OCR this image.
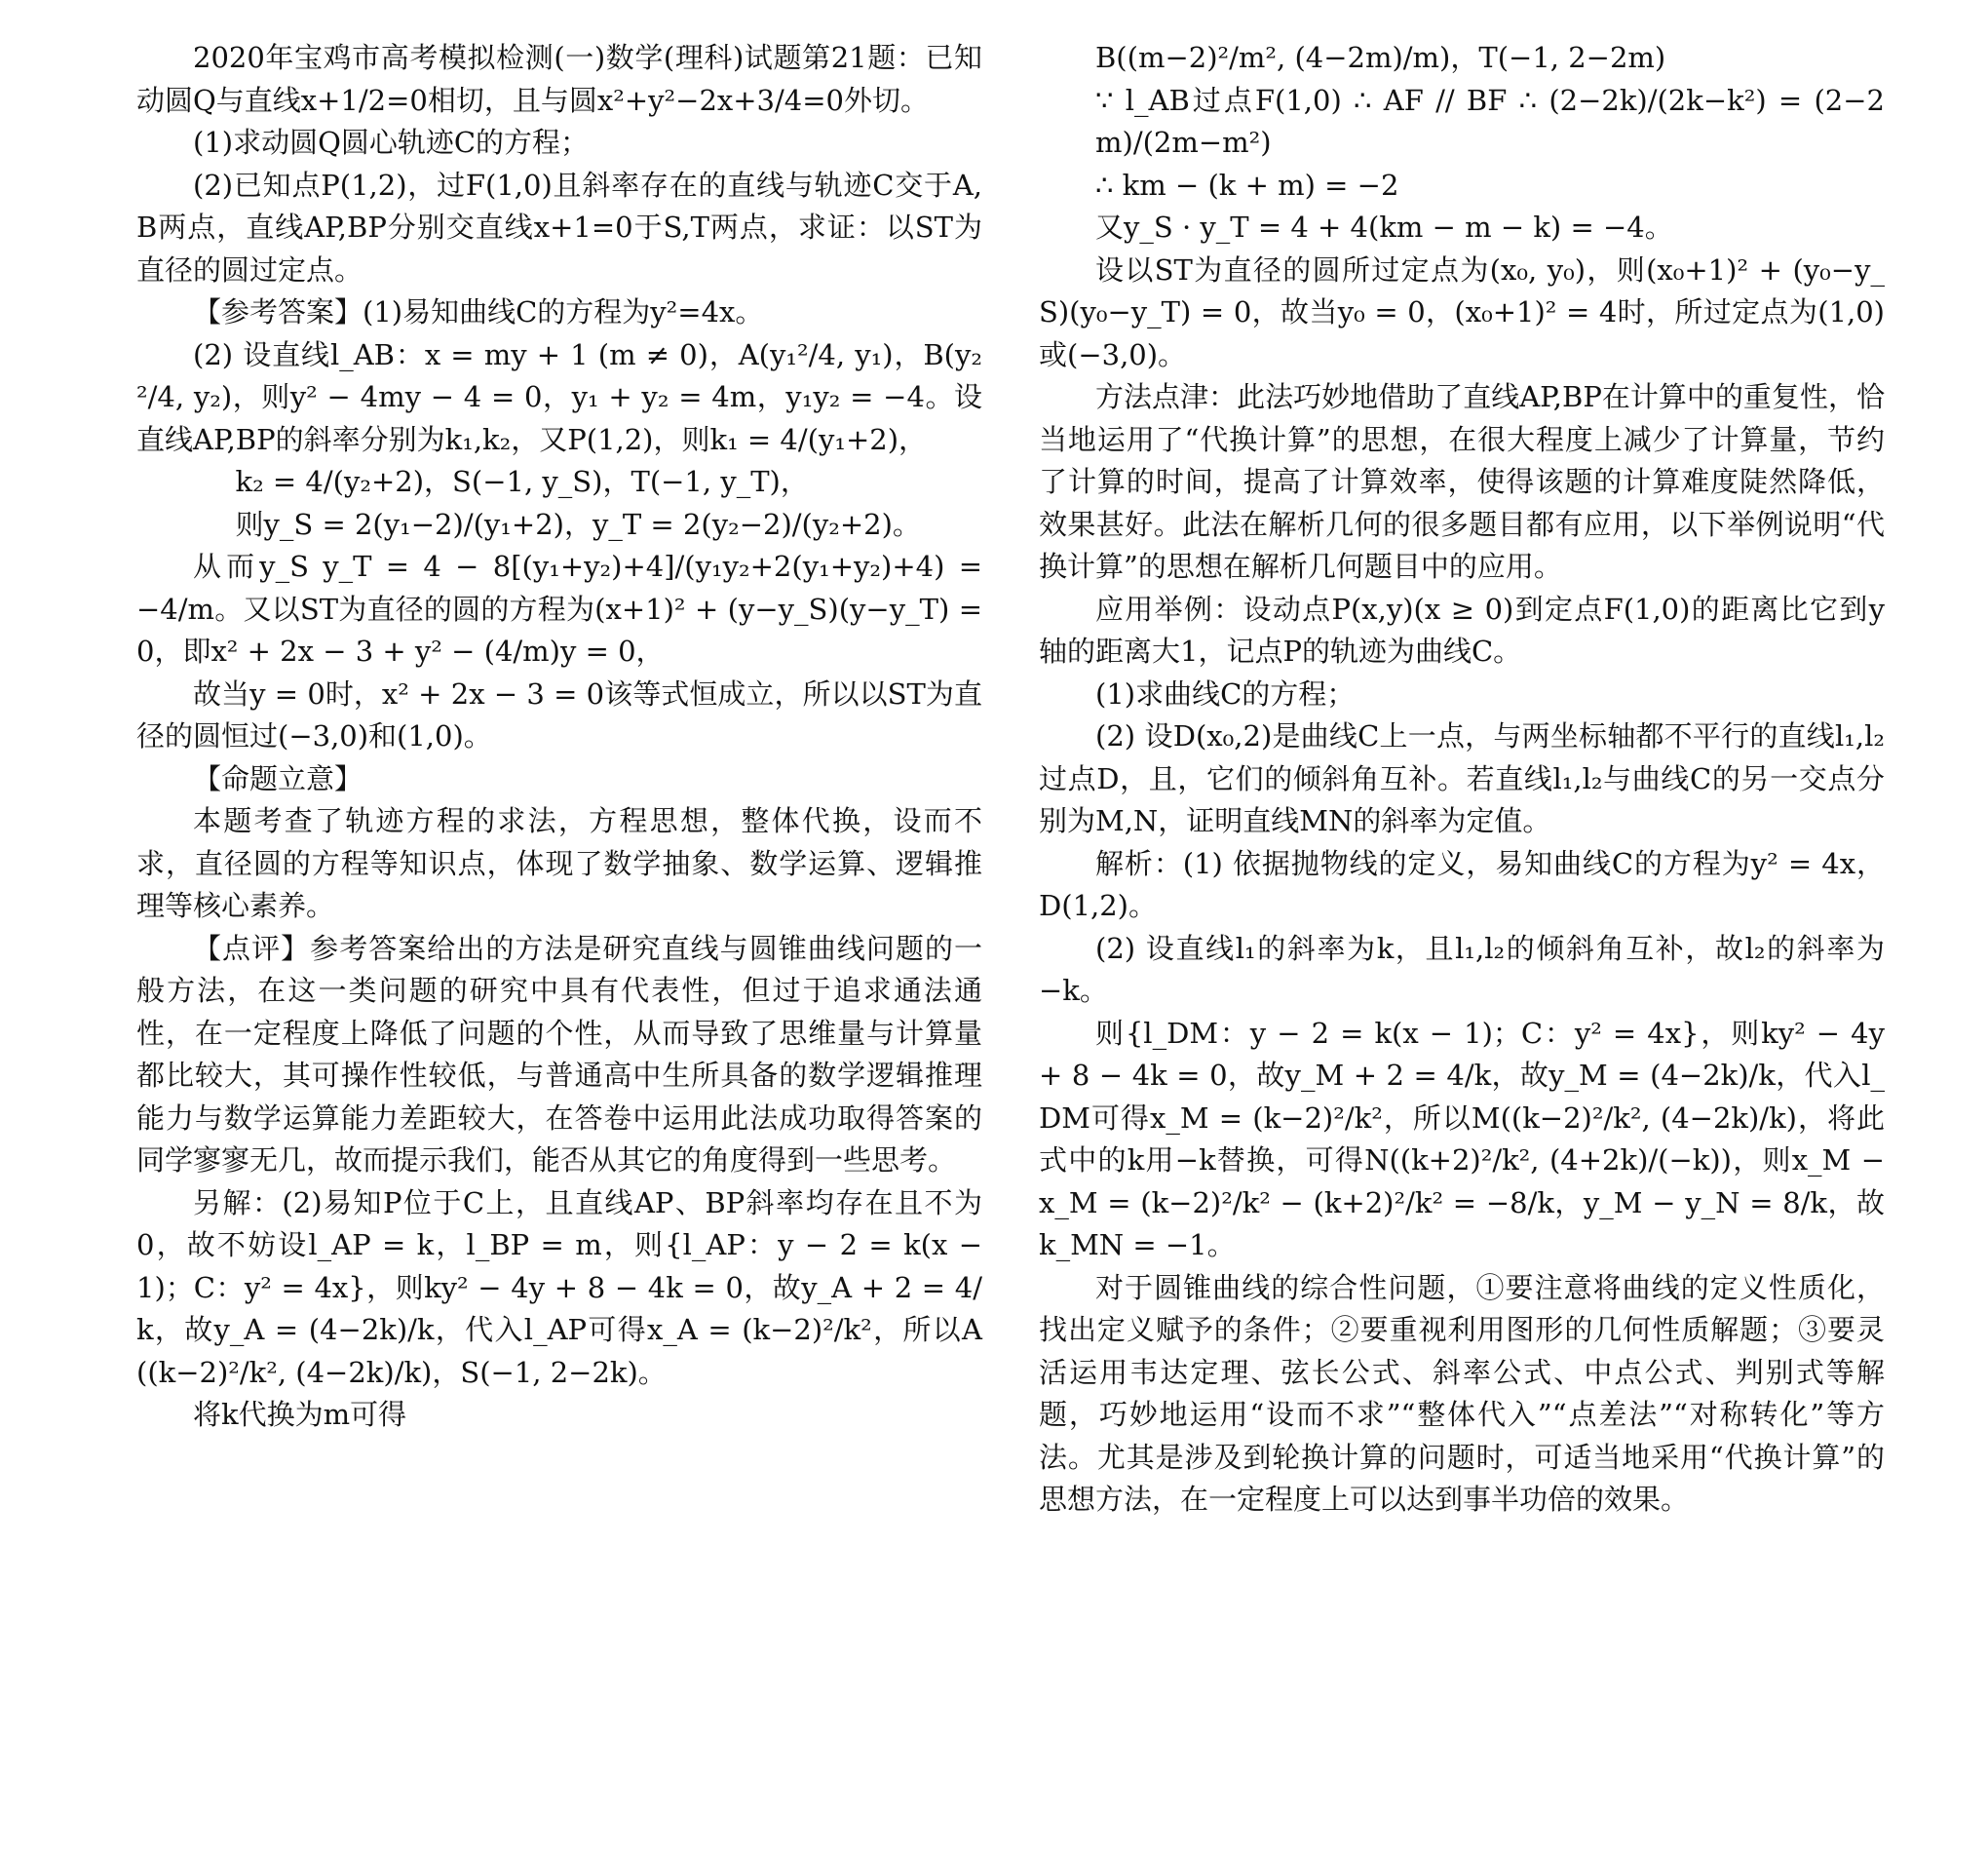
2020年宝鸡市高考模拟检测(一)数学(理科)试题第21题：已知动圆Q与直线x+1/2=0相切，且与圆x²+y²−2x+3/4=0外切。

(1)求动圆Q圆心轨迹C的方程；

(2)已知点P(1,2)，过F(1,0)且斜率存在的直线与轨迹C交于A,B两点，直线AP,BP分别交直线x+1=0于S,T两点，求证：以ST为直径的圆过定点。

【参考答案】(1)易知曲线C的方程为y²=4x。

(2) 设直线l_AB：x = my + 1 (m ≠ 0)，A(y₁²/4, y₁)，B(y₂²/4, y₂)，则y² − 4my − 4 = 0，y₁ + y₂ = 4m，y₁y₂ = −4。设直线AP,BP的斜率分别为k₁,k₂，又P(1,2)，则k₁ = 4/(y₁+2)，

k₂ = 4/(y₂+2)，S(−1, y_S)，T(−1, y_T)，

则y_S = 2(y₁−2)/(y₁+2)，y_T = 2(y₂−2)/(y₂+2)。

从而y_S y_T = 4 − 8[(y₁+y₂)+4]/(y₁y₂+2(y₁+y₂)+4) = −4/m。又以ST为直径的圆的方程为(x+1)² + (y−y_S)(y−y_T) = 0，即x² + 2x − 3 + y² − (4/m)y = 0，

故当y = 0时，x² + 2x − 3 = 0该等式恒成立，所以以ST为直径的圆恒过(−3,0)和(1,0)。

【命题立意】

本题考查了轨迹方程的求法，方程思想，整体代换，设而不求，直径圆的方程等知识点，体现了数学抽象、数学运算、逻辑推理等核心素养。

【点评】参考答案给出的方法是研究直线与圆锥曲线问题的一般方法，在这一类问题的研究中具有代表性，但过于追求通法通性，在一定程度上降低了问题的个性，从而导致了思维量与计算量都比较大，其可操作性较低，与普通高中生所具备的数学逻辑推理能力与数学运算能力差距较大，在答卷中运用此法成功取得答案的同学寥寥无几，故而提示我们，能否从其它的角度得到一些思考。

另解：(2)易知P位于C上，且直线AP、BP斜率均存在且不为0，故不妨设l_AP = k，l_BP = m，则{l_AP：y − 2 = k(x − 1)；C：y² = 4x}，则ky² − 4y + 8 − 4k = 0，故y_A + 2 = 4/k，故y_A = (4−2k)/k，代入l_AP可得x_A = (k−2)²/k²，所以A((k−2)²/k², (4−2k)/k)，S(−1, 2−2k)。

将k代换为m可得

B((m−2)²/m², (4−2m)/m)，T(−1, 2−2m)

∵ l_AB过点F(1,0) ∴ AF // BF ∴ (2−2k)/(2k−k²) = (2−2m)/(2m−m²)

∴ km − (k + m) = −2

又y_S · y_T = 4 + 4(km − m − k) = −4。

设以ST为直径的圆所过定点为(x₀, y₀)，则(x₀+1)² + (y₀−y_S)(y₀−y_T) = 0，故当y₀ = 0，(x₀+1)² = 4时，所过定点为(1,0)或(−3,0)。

方法点津：此法巧妙地借助了直线AP,BP在计算中的重复性，恰当地运用了“代换计算”的思想，在很大程度上减少了计算量，节约了计算的时间，提高了计算效率，使得该题的计算难度陡然降低，效果甚好。此法在解析几何的很多题目都有应用，以下举例说明“代换计算”的思想在解析几何题目中的应用。

应用举例：设动点P(x,y)(x ≥ 0)到定点F(1,0)的距离比它到y轴的距离大1，记点P的轨迹为曲线C。

(1)求曲线C的方程；

(2) 设D(x₀,2)是曲线C上一点，与两坐标轴都不平行的直线l₁,l₂过点D，且，它们的倾斜角互补。若直线l₁,l₂与曲线C的另一交点分别为M,N，证明直线MN的斜率为定值。

解析：(1) 依据抛物线的定义，易知曲线C的方程为y² = 4x，D(1,2)。

(2) 设直线l₁的斜率为k，且l₁,l₂的倾斜角互补，故l₂的斜率为−k。

则{l_DM：y − 2 = k(x − 1)；C：y² = 4x}，则ky² − 4y + 8 − 4k = 0，故y_M + 2 = 4/k，故y_M = (4−2k)/k，代入l_DM可得x_M = (k−2)²/k²，所以M((k−2)²/k², (4−2k)/k)，将此式中的k用−k替换，可得N((k+2)²/k², (4+2k)/(−k))，则x_M − x_M = (k−2)²/k² − (k+2)²/k² = −8/k，y_M − y_N = 8/k，故k_MN = −1。

对于圆锥曲线的综合性问题，①要注意将曲线的定义性质化，找出定义赋予的条件；②要重视利用图形的几何性质解题；③要灵活运用韦达定理、弦长公式、斜率公式、中点公式、判别式等解题，巧妙地运用“设而不求”“整体代入”“点差法”“对称转化”等方法。尤其是涉及到轮换计算的问题时，可适当地采用“代换计算”的思想方法，在一定程度上可以达到事半功倍的效果。
